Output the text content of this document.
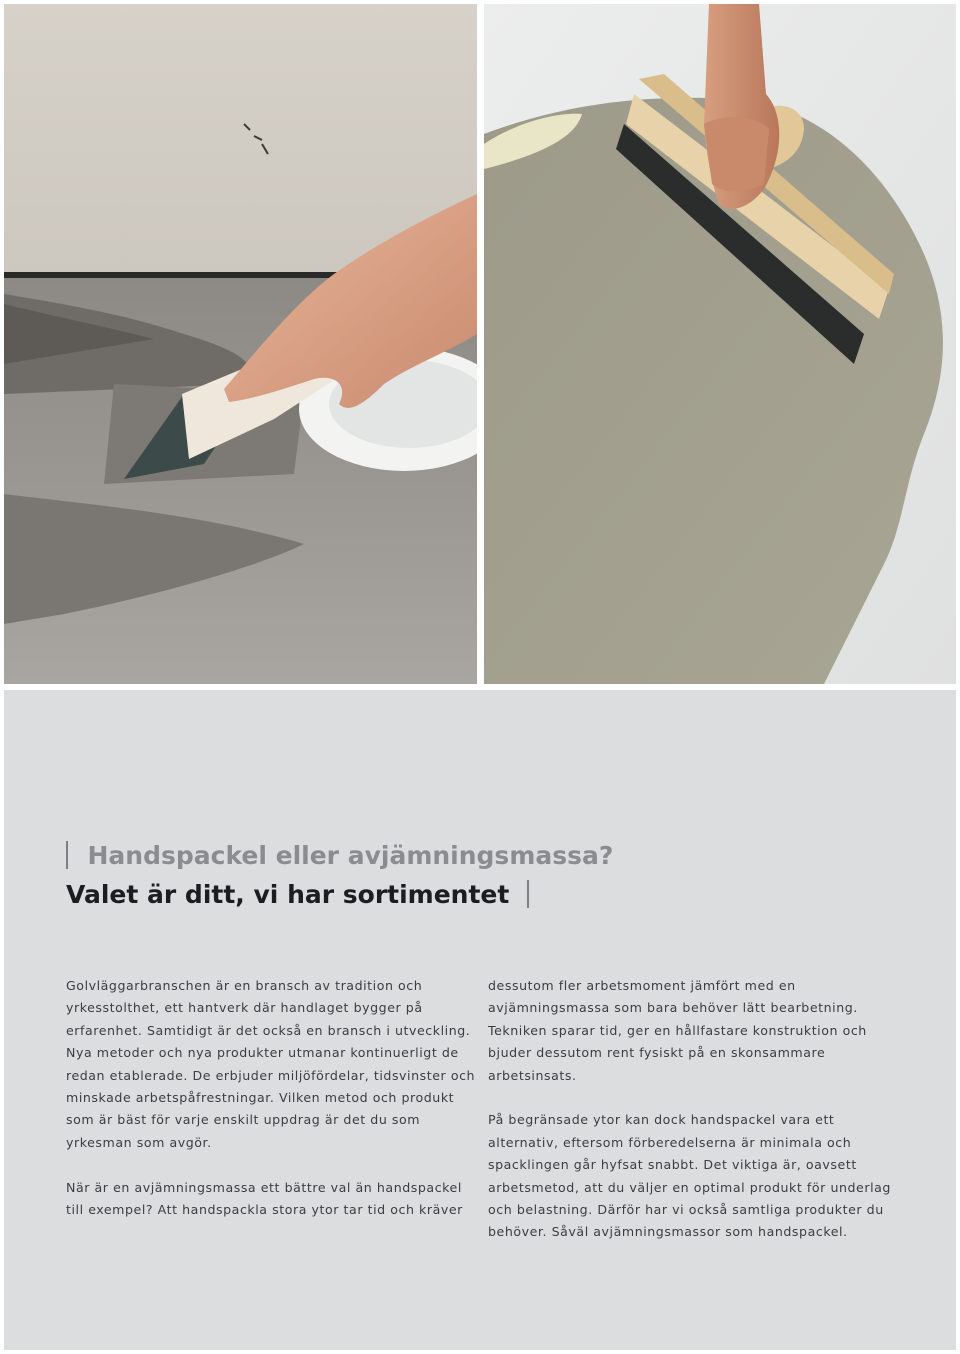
Handspackel eller avjämningsmassa?
Valet är ditt, vi har sortimentet

Golvläggarbranschen är en bransch av tradition och yrkesstolthet, ett hantverk där handlaget bygger på erfarenhet. Samtidigt är det också en bransch i utveckling. Nya metoder och nya produkter utmanar kontinuerligt de redan etablerade. De erbjuder miljöfördelar, tidsvinster och minskade arbetspåfrestningar. Vilken metod och produkt som är bäst för varje enskilt uppdrag är det du som yrkesman som avgör.

När är en avjämningsmassa ett bättre val än handspackel till exempel? Att handspackla stora ytor tar tid och kräver

dessutom fler arbetsmoment jämfört med en avjämningsmassa som bara behöver lätt bearbetning. Tekniken sparar tid, ger en hållfastare konstruktion och bjuder dessutom rent fysiskt på en skonsammare arbetsinsats.

På begränsade ytor kan dock handspackel vara ett alternativ, eftersom förberedelserna är minimala och spacklingen går hyfsat snabbt. Det viktiga är, oavsett arbetsmetod, att du väljer en optimal produkt för underlag och belastning. Därför har vi också samtliga produkter du behöver. Såväl avjämningsmassor som handspackel.
